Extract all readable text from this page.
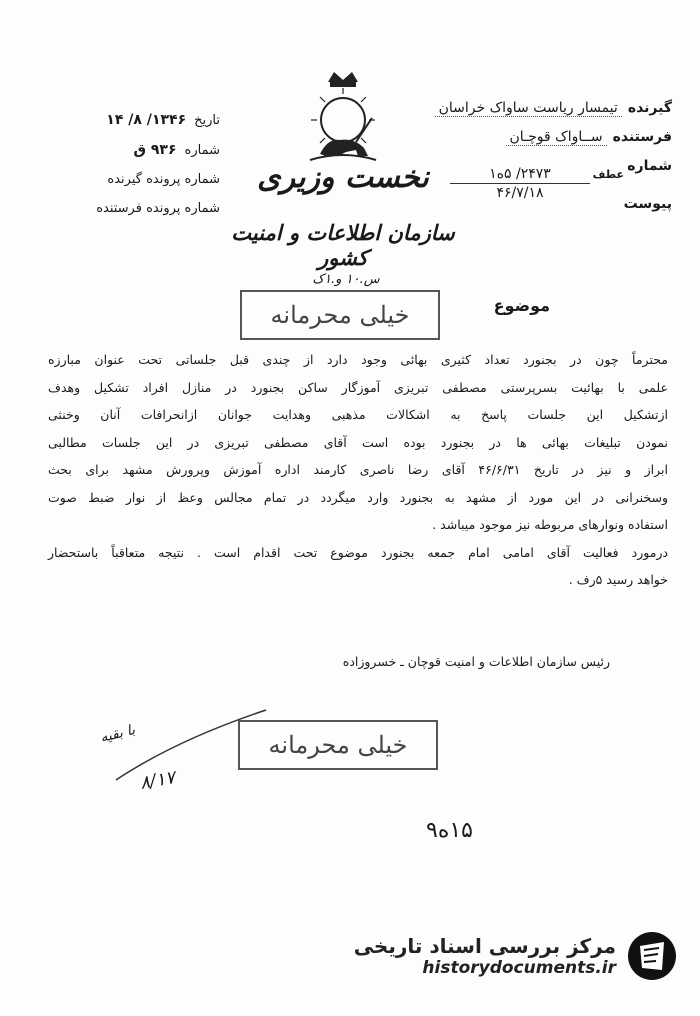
گیرنده
تیمسار ریاست ساواک خراسان
فرستنده
ســاواک قوچـان
شماره
پیوست
عطف
۲۴۷۳/ ۵ه۱
۴۶/۷/۱۸
تاریخ
۱۳۴۶/ ۸/ ۱۴
شماره
۹۳۶ ق
شماره پرونده گیرنده
شماره پرونده فرستنده
نخست وزیری
سازمان اطلاعات و امنیت کشور
س.۱۰ و.۱ک
موضوع
خیلی محرمانه

محترماً چون در بجنورد تعداد کثیری بهائی وجود دارد از چندی قبل جلساتی تحت عنوان مبارزه

علمی با بهائیت بسرپرستی مصطفی تبریزی آموزگار ساکن بجنورد در منازل افراد تشکیل وهدف

ازتشکیل این جلسات پاسخ به اشکالات مذهبی وهدایت جوانان ازانحرافات آنان وخنثی

نمودن تبلیغات بهائی ها در بجنورد بوده است آقای مصطفی تبریزی در این جلسات مطالبی

ابراز و نیز در تاریخ ۴۶/۶/۳۱ آقای رضا ناصری کارمند اداره آموزش وپرورش مشهد برای بحث

وسخنرانی در این مورد از مشهد به بجنورد وارد میگردد در تمام مجالس وعظ از نوار ضبط صوت

استفاده ونوارهای مربوطه نیز موجود میباشد .

درمورد فعالیت آقای امامی امام جمعه بجنورد موضوع تحت اقدام است . نتیجه متعاقباً باستحضار

خواهد رسید ۵رف .

رئیس سازمان اطلاعات و امنیت قوچان ـ خسروزاده
خیلی محرمانه
با بقیه
۸/۱۷
۱۵ه۹
مرکز بررسی اسناد تاریخی
historydocuments.ir
